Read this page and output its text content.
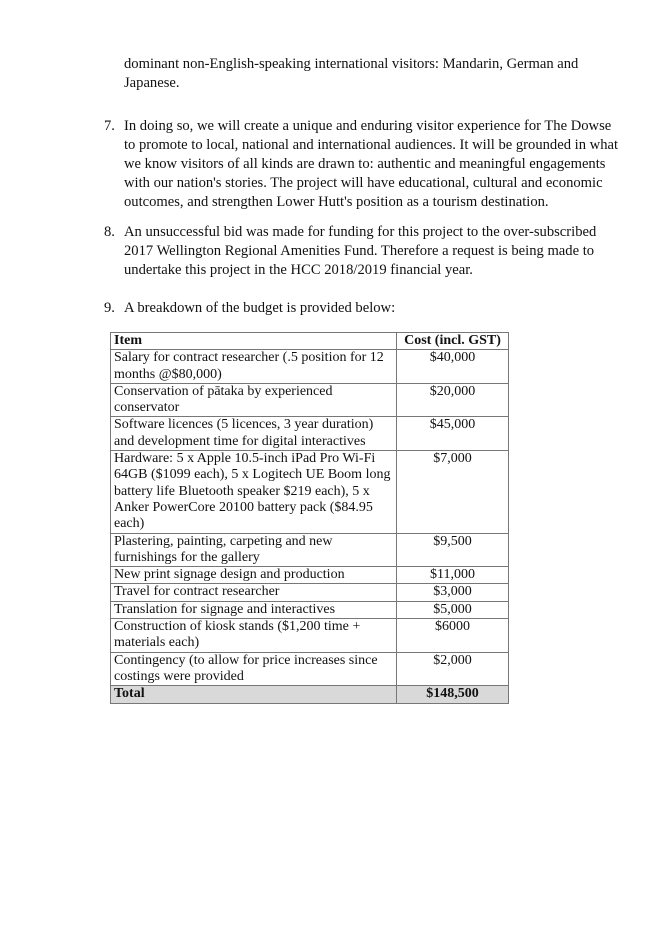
dominant non-English-speaking international visitors: Mandarin, German and
Japanese.
7. In doing so, we will create a unique and enduring visitor experience for The Dowse
to promote to local, national and international audiences. It will be grounded in what
we know visitors of all kinds are drawn to: authentic and meaningful engagements
with our nation's stories. The project will have educational, cultural and economic
outcomes, and strengthen Lower Hutt's position as a tourism destination.
8. An unsuccessful bid was made for funding for this project to the over-subscribed
2017 Wellington Regional Amenities Fund. Therefore a request is being made to
undertake this project in the HCC 2018/2019 financial year.
9. A breakdown of the budget is provided below:
Item	Cost (incl. GST)
Salary for contract researcher (.5 position for 12 months @$80,000)	$40,000
Conservation of pātaka by experienced conservator	$20,000
Software licences (5 licences, 3 year duration) and development time for digital interactives	$45,000
Hardware: 5 x Apple 10.5-inch iPad Pro Wi-Fi 64GB ($1099 each), 5 x Logitech UE Boom long battery life Bluetooth speaker $219 each), 5 x Anker PowerCore 20100 battery pack ($84.95 each)	$7,000
Plastering, painting, carpeting and new furnishings for the gallery	$9,500
New print signage design and production	$11,000
Travel for contract researcher	$3,000
Translation for signage and interactives	$5,000
Construction of kiosk stands ($1,200 time + materials each)	$6000
Contingency (to allow for price increases since costings were provided	$2,000
Total	$148,500
